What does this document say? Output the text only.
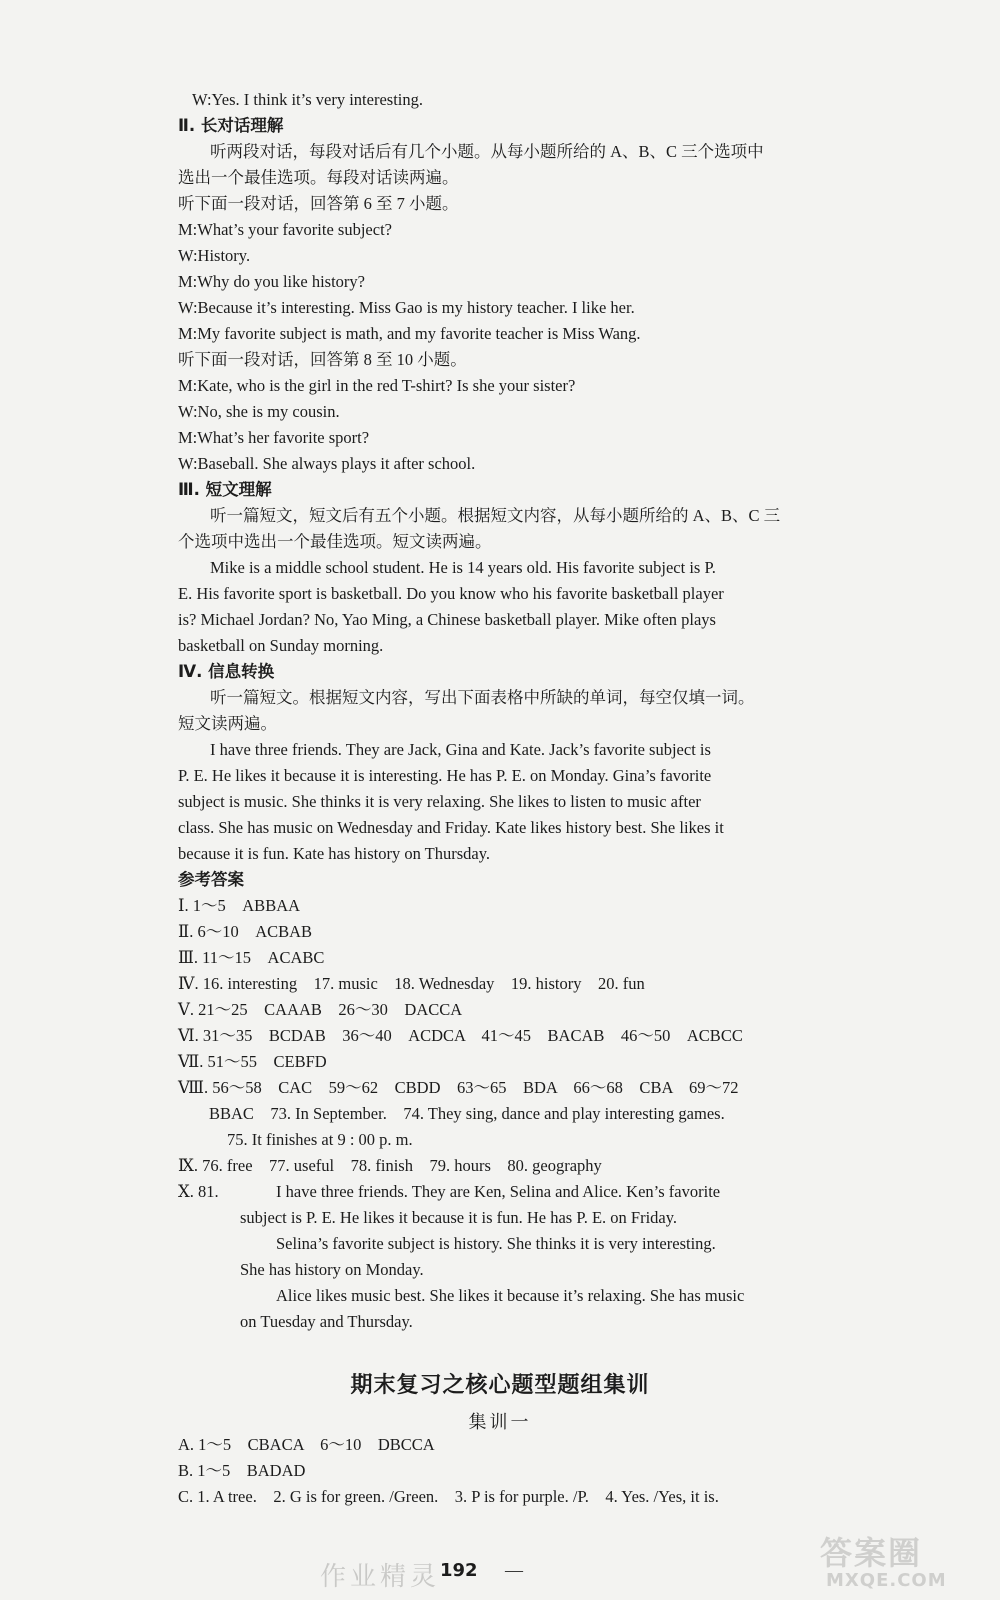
W:Yes. I think it’s very interesting.
Ⅱ. 长对话理解
听两段对话，每段对话后有几个小题。从每小题所给的 A、B、C 三个选项中
选出一个最佳选项。每段对话读两遍。
听下面一段对话，回答第 6 至 7 小题。
M:What’s your favorite subject?
W:History.
M:Why do you like history?
W:Because it’s interesting. Miss Gao is my history teacher. I like her.
M:My favorite subject is math, and my favorite teacher is Miss Wang.
听下面一段对话，回答第 8 至 10 小题。
M:Kate, who is the girl in the red T-shirt? Is she your sister?
W:No, she is my cousin.
M:What’s her favorite sport?
W:Baseball. She always plays it after school.
Ⅲ. 短文理解
听一篇短文，短文后有五个小题。根据短文内容，从每小题所给的 A、B、C 三
个选项中选出一个最佳选项。短文读两遍。
Mike is a middle school student. He is 14 years old. His favorite subject is P.
E. His favorite sport is basketball. Do you know who his favorite basketball player
is? Michael Jordan? No, Yao Ming, a Chinese basketball player. Mike often plays
basketball on Sunday morning.
Ⅳ. 信息转换
听一篇短文。根据短文内容，写出下面表格中所缺的单词，每空仅填一词。
短文读两遍。
I have three friends. They are Jack, Gina and Kate. Jack’s favorite subject is
P. E. He likes it because it is interesting. He has P. E. on Monday. Gina’s favorite
subject is music. She thinks it is very relaxing. She likes to listen to music after
class. She has music on Wednesday and Friday. Kate likes history best. She likes it
because it is fun. Kate has history on Thursday.
参考答案
Ⅰ. 1～5　ABBAA
Ⅱ. 6～10　ACBAB
Ⅲ. 11～15　ACABC
Ⅳ. 16. interesting　17. music　18. Wednesday　19. history　20. fun
Ⅴ. 21～25　CAAAB　26～30　DACCA
Ⅵ. 31～35　BCDAB　36～40　ACDCA　41～45　BACAB　46～50　ACBCC
Ⅶ. 51～55　CEBFD
Ⅷ. 56～58　CAC　59～62　CBDD　63～65　BDA　66～68　CBA　69～72
BBAC　73. In September.　74. They sing, dance and play interesting games.
75. It finishes at 9 : 00 p. m.
Ⅸ. 76. free　77. useful　78. finish　79. hours　80. geography
Ⅹ. 81.	I have three friends. They are Ken, Selina and Alice. Ken’s favorite
subject is P. E. He likes it because it is fun. He has P. E. on Friday.
Selina’s favorite subject is history. She thinks it is very interesting.
She has history on Monday.
Alice likes music best. She likes it because it’s relaxing. She has music
on Tuesday and Thursday.
期末复习之核心题型题组集训
集训一
A. 1～5　CBACA　6～10　DBCCA
B. 1～5　BADAD
C. 1. A tree.　2. G is for green. /Green.　3. P is for purple. /P.　4. Yes. /Yes, it is.
作业精灵 192 —	答案圈
MXQE.COM
